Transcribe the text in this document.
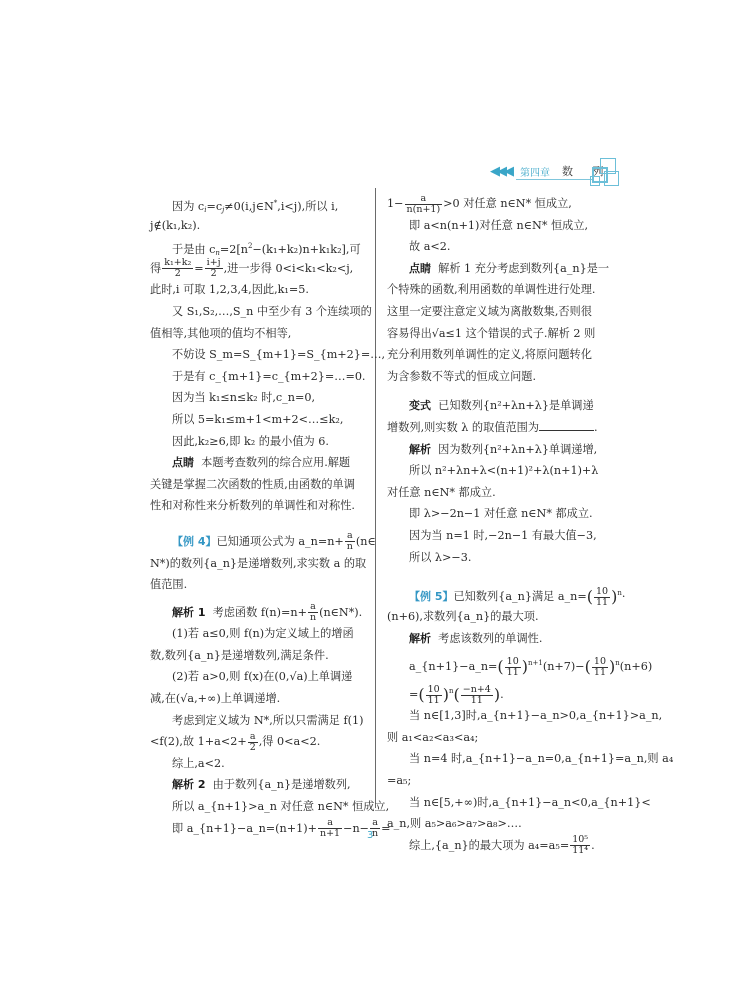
◀◀◀ 第四章 数 列
因为 $c_i=c_j\ne 0(i,j\in N^*,i<j)$,所以 i,
j∉(k₁,k₂).
于是由 $c_n=2[n^2-(k_1+k_2)n+k_1k_2]$,可
得 $\frac{\text{k₁+k₂}}{2} = \frac{i+j}{2}$ ,进一步得 0<i<k₁<k₂<j,
此时,i 可取 1,2,3,4,因此,k₁=5.
又 S₁,S₂,…,S_n 中至少有 3 个连续项的
值相等,其他项的值均不相等,
不妨设 S_m=S_{m+1}=S_{m+2}=…,
于是有 c_{m+1}=c_{m+2}=…=0.
因为当 k₁≤n≤k₂ 时,c_n=0,
所以 5=k₁≤m+1<m+2<…≤k₂,
因此,k₂≥6,即 k₂ 的最小值为 6.
点睛 本题考查数列的综合应用.解题
关键是掌握二次函数的性质,由函数的单调
性和对称性来分析数列的单调性和对称性.
【例 4】已知通项公式为 a_n=n+ $\frac{a}{n}$ (n∈
N*)的数列{a_n}是递增数列,求实数 a 的取
值范围.
解析 1 考虑函数 $f(n)=n+ \frac{a}{n}$ (n∈N*).
(1)若 a≤0,则 f(n)为定义域上的增函
数,数列{a_n}是递增数列,满足条件.
(2)若 a>0,则 f(x)在(0,√a)上单调递
减,在(√a,+∞)上单调递增.
考虑到定义域为 N*,所以只需满足 f(1)
<f(2),故 $1+a<2+ \frac{a}{2}$ ,得 0<a<2.
综上,a<2.
解析 2 由于数列{a_n}是递增数列,
所以 a_{n+1}>a_n 对任意 n∈N* 恒成立,
即 a_{n+1}−a_n=(n+1)+ $\frac{a}{n+1} -n- \frac{a}{n}$ =
$1- \frac{a}{n(n+1)} >0$ 对任意 n∈N* 恒成立,
即 a<n(n+1)对任意 n∈N* 恒成立,
故 a<2.
点睛 解析 1 充分考虑到数列{a_n}是一
个特殊的函数,利用函数的单调性进行处理.
这里一定要注意定义域为离散数集,否则很
容易得出√a≤1 这个错误的式子.解析 2 则
充分利用数列单调性的定义,将原问题转化
为含参数不等式的恒成立问题.
变式 已知数列{n²+λn+λ}是单调递
增数列,则实数 λ 的取值范围为	.
解析 因为数列{n²+λn+λ}单调递增,
所以 n²+λn+λ<(n+1)²+λ(n+1)+λ
对任意 n∈N* 都成立.
即 λ>−2n−1 对任意 n∈N* 都成立.
因为当 n=1 时,−2n−1 有最大值−3,
所以 λ>−3.
【例 5】已知数列{a_n}满足 a_n=( $\frac{10}{11} )^n\cdot$
(n+6),求数列{a_n}的最大项.
解析 考虑该数列的单调性.
a_{n+1}−a_n=( $\frac{10}{11} )^{n+1}(n+7)-( \frac{10}{11} )^n(n+6)$
=( $\frac{10}{11} )^n( \frac{-n+4}{11}$ ).
当 n∈[1,3]时,a_{n+1}−a_n>0,a_{n+1}>a_n,
则 a₁<a₂<a₃<a₄;
当 n=4 时,a_{n+1}−a_n=0,a_{n+1}=a_n,则 a₄
=a₅;
当 n∈[5,+∞)时,a_{n+1}−a_n<0,a_{n+1}<
a_n,则 a₅>a₆>a₇>a₈>….
综上,{a_n}的最大项为 $a_4=a_5= \frac{\text{10⁵}}{\text{11⁴}}$ .
3
